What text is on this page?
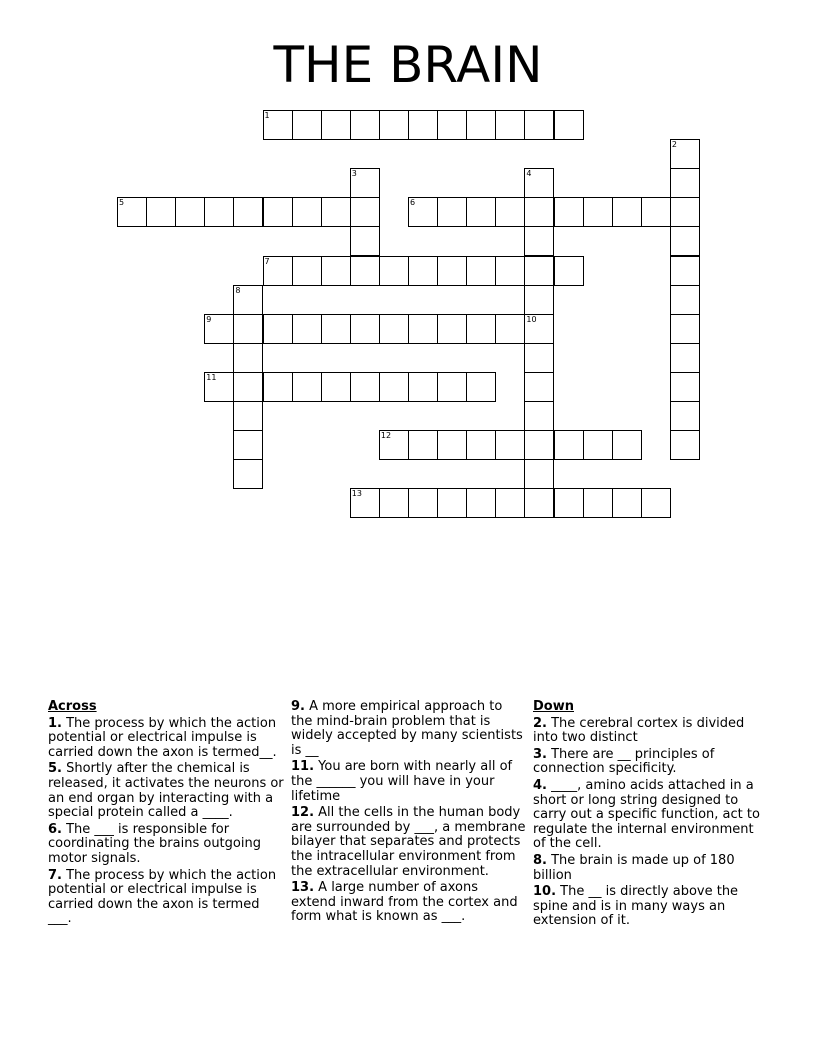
THE BRAIN
1
2
3	4
10
5	6
7
8
9
11
12
13
Across
1. The process by which the action potential or electrical impulse is carried down the axon is termed__.
5. Shortly after the chemical is released, it activates the neurons or an end organ by interacting with a special protein called a ____.
6. The ___ is responsible for coordinating the brains outgoing motor signals.
7. The process by which the action potential or electrical impulse is carried down the axon is termed ___.
9. A more empirical approach to the mind-brain problem that is widely accepted by many scientists is __
11. You are born with nearly all of the ______ you will have in your lifetime
12. All the cells in the human body are surrounded by ___, a membrane bilayer that separates and protects the intracellular environment from the extracellular environment.
13. A large number of axons extend inward from the cortex and form what is known as ___.
Down
2. The cerebral cortex is divided into two distinct
3. There are __ principles of connection specificity.
4. ____, amino acids attached in a short or long string designed to carry out a specific function, act to regulate the internal environment of the cell.
8. The brain is made up of 180 billion
10. The __ is directly above the spine and is in many ways an extension of it.
